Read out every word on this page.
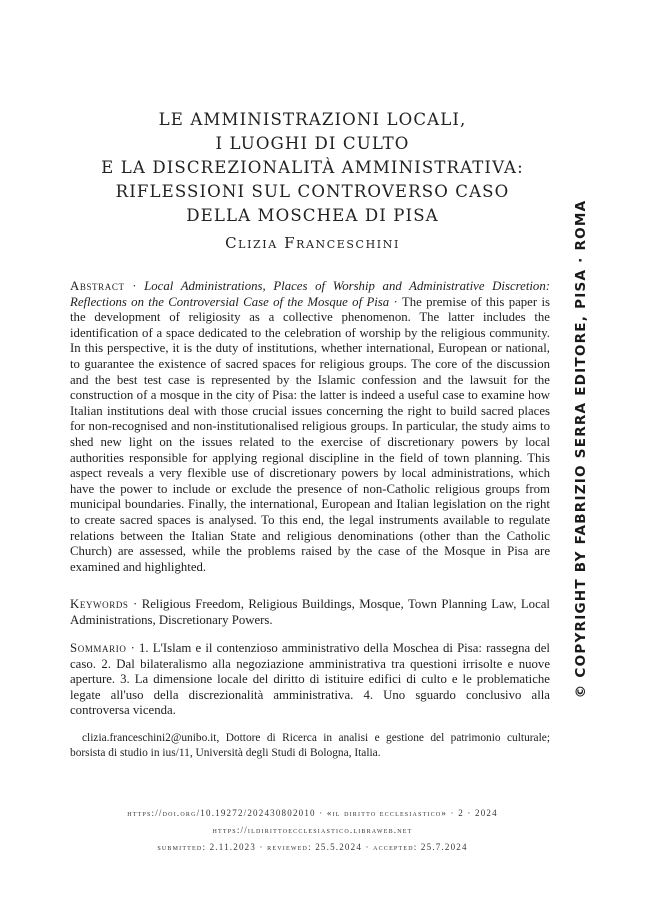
LE AMMINISTRAZIONI LOCALI,
I LUOGHI DI CULTO
E LA DISCREZIONALITÀ AMMINISTRATIVA:
RIFLESSIONI SUL CONTROVERSO CASO
DELLA MOSCHEA DI PISA
Clizia Franceschini
Abstract · Local Administrations, Places of Worship and Administrative Discretion: Reflections on the Controversial Case of the Mosque of Pisa · The premise of this paper is the development of religiosity as a collective phenomenon. The latter includes the identification of a space dedicated to the celebration of worship by the religious community. In this perspective, it is the duty of institutions, whether international, European or national, to guarantee the existence of sacred spaces for religious groups. The core of the discussion and the best test case is represented by the Islamic confession and the lawsuit for the construction of a mosque in the city of Pisa: the latter is indeed a useful case to examine how Italian institutions deal with those crucial issues concerning the right to build sacred places for non-recognised and non-institutionalised religious groups. In particular, the study aims to shed new light on the issues related to the exercise of discretionary powers by local authorities responsible for applying regional discipline in the field of town planning. This aspect reveals a very flexible use of discretionary powers by local administrations, which have the power to include or exclude the presence of non-Catholic religious groups from municipal boundaries. Finally, the international, European and Italian legislation on the right to create sacred spaces is analysed. To this end, the legal instruments available to regulate relations between the Italian State and religious denominations (other than the Catholic Church) are assessed, while the problems raised by the case of the Mosque in Pisa are examined and highlighted.
Keywords · Religious Freedom, Religious Buildings, Mosque, Town Planning Law, Local Administrations, Discretionary Powers.
Sommario · 1. L'Islam e il contenzioso amministrativo della Moschea di Pisa: rassegna del caso. 2. Dal bilateralismo alla negoziazione amministrativa tra questioni irrisolte e nuove aperture. 3. La dimensione locale del diritto di istituire edifici di culto e le problematiche legate all'uso della discrezionalità amministrativa. 4. Uno sguardo conclusivo alla controversa vicenda.
clizia.franceschini2@unibo.it, Dottore di Ricerca in analisi e gestione del patrimonio culturale; borsista di studio in ius/11, Università degli Studi di Bologna, Italia.
https://doi.org/10.19272/202430802010 · «il diritto ecclesiastico» · 2 · 2024
https://ildirittoecclesiastico.libraweb.net
submitted: 2.11.2023 · reviewed: 25.5.2024 · accepted: 25.7.2024
© COPYRIGHT BY FABRIZIO SERRA EDITORE, PISA · ROMA
